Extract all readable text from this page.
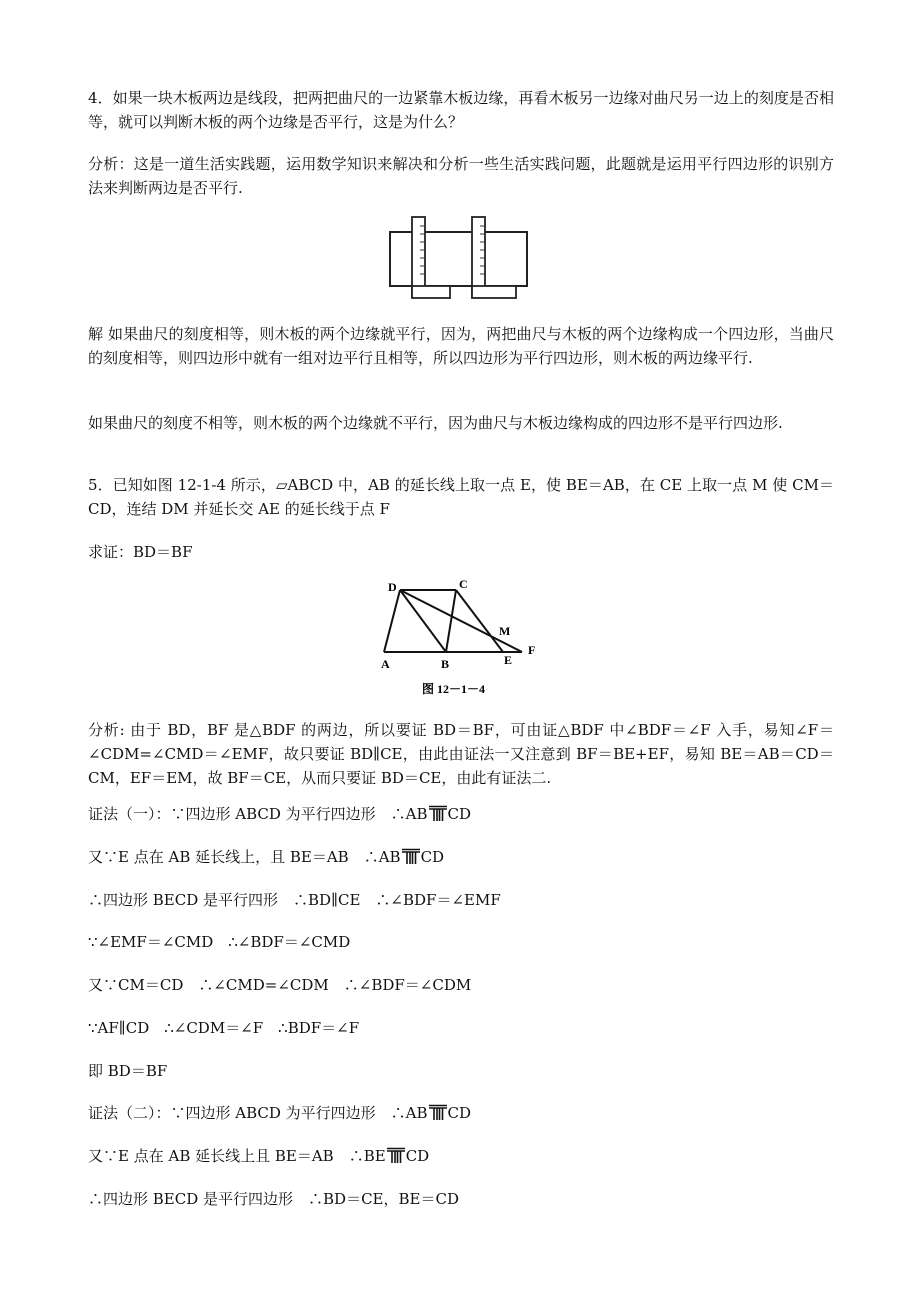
4．如果一块木板两边是线段，把两把曲尺的一边紧靠木板边缘，再看木板另一边缘对曲尺另一边上的刻度是否相等，就可以判断木板的两个边缘是否平行，这是为什么？

分析：这是一道生活实践题，运用数学知识来解决和分析一些生活实践问题，此题就是运用平行四边形的识别方法来判断两边是否平行.

解 如果曲尺的刻度相等，则木板的两个边缘就平行，因为，两把曲尺与木板的两个边缘构成一个四边形，当曲尺的刻度相等，则四边形中就有一组对边平行且相等，所以四边形为平行四边形，则木板的两边缘平行.

如果曲尺的刻度不相等，则木板的两个边缘就不平行，因为曲尺与木板边缘构成的四边形不是平行四边形.

5．已知如图 12-1-4 所示，▱ABCD 中，AB 的延长线上取一点 E，使 BE＝AB，在 CE 上取一点 M 使 CM＝CD，连结 DM 并延长交 AE 的延长线于点 F

求证：BD＝BF

D	C
A	B
M
E
F
图 12－1－4

分析: 由于 BD，BF 是△BDF 的两边，所以要证 BD＝BF，可由证△BDF 中∠BDF＝∠F 入手，易知∠F＝∠CDM=∠CMD＝∠EMF，故只要证 BD∥CE，由此由证法一又注意到 BF＝BE+EF，易知 BE＝AB＝CD＝CM，EF＝EM，故 BF＝CE，从而只要证 BD＝CE，由此有证法二.

证法（一）：∵四边形 ABCD 为平行四边形　∴AB CD

又∵E 点在 AB 延长线上，且 BE＝AB　∴AB CD

∴四边形 BECD 是平行四形　∴BD∥CE　∴∠BDF＝∠EMF

∵∠EMF＝∠CMD　∴∠BDF＝∠CMD

又∵CM＝CD　∴∠CMD=∠CDM　∴∠BDF＝∠CDM

∵AF∥CD　∴∠CDM＝∠F　∴BDF＝∠F

即 BD＝BF

证法（二）：∵四边形 ABCD 为平行四边形　∴AB CD

又∵E 点在 AB 延长线上且 BE＝AB　∴BE CD

∴四边形 BECD 是平行四边形　∴BD＝CE，BE＝CD
